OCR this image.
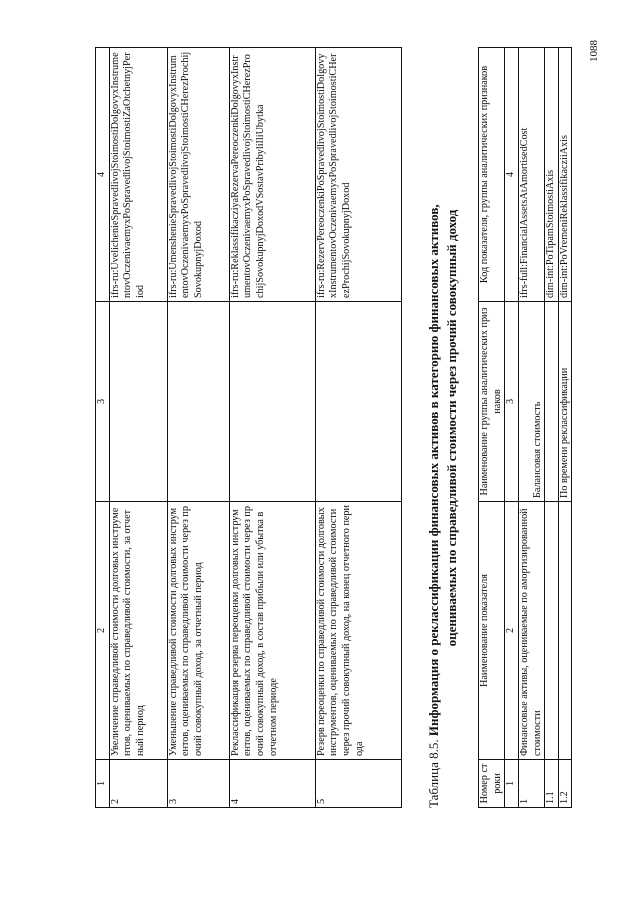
1	2	3	4
2	Увеличение справедливой стоимости долговых инструментов, оцениваемых по справедливой стоимости, за отчетный период		ifrs-ru:UvelichenieSpravedlivojStoimostiDolgovyxInstrumentovOczenivaemyxPoSpravedlivojStoimostiZaOtchetnyjPeriod
3	Уменьшение справедливой стоимости долговых инструментов, оцениваемых по справедливой стоимости через прочий совокупный доход, за отчетный период		ifrs-ru:UmenshenieSpravedlivojStoimostiDolgovyxInstrumentovOczenivaemyxPoSpravedlivojStoimostiCHerezProchijSovokupnyjDoxod
4	Реклассификация резерва переоценки долговых инструментов, оцениваемых по справедливой стоимости через прочий совокупный доход, в состав прибыли или убытка в отчетном периоде		ifrs-ru:ReklassifikacziyaRezervaPereoczenkiDolgovyxInstrumentovOczenivaemyxPoSpravedlivojStoimostiCHerezProchijSovokupnyjDoxodVSostavPribyliIliUbytka
5	Резерв переоценки по справедливой стоимости долговых инструментов, оцениваемых по справедливой стоимости через прочий совокупный доход, на конец отчетного периода		ifrs-ru:RezervPereoczenkiPoSpravedlivojStoimostiDolgovyxInstrumentovOczenivaemyxPoSpravedlivojStoimostiCHerezProchijSovokupnyjDoxod
Таблица 8.5. Информация о реклассификации финансовых активов в категорию финансовых активов, оцениваемых по справедливой стоимости через прочий совокупный доход
Номер строки	Наименование показателя	Наименование группы аналитических признаков	Код показателя, группы аналитических признаков
1	2	3	4
1	Финансовые активы, оцениваемые по амортизированной стоимости	Балансовая стоимость	ifrs-full:FinancialAssetsAtAmortisedCost
1.1			dim-int:PoTipamStoimostiAxis
1.2		По времени реклассификации	dim-int:PoVremeniReklassifikacziiAxis
1088
